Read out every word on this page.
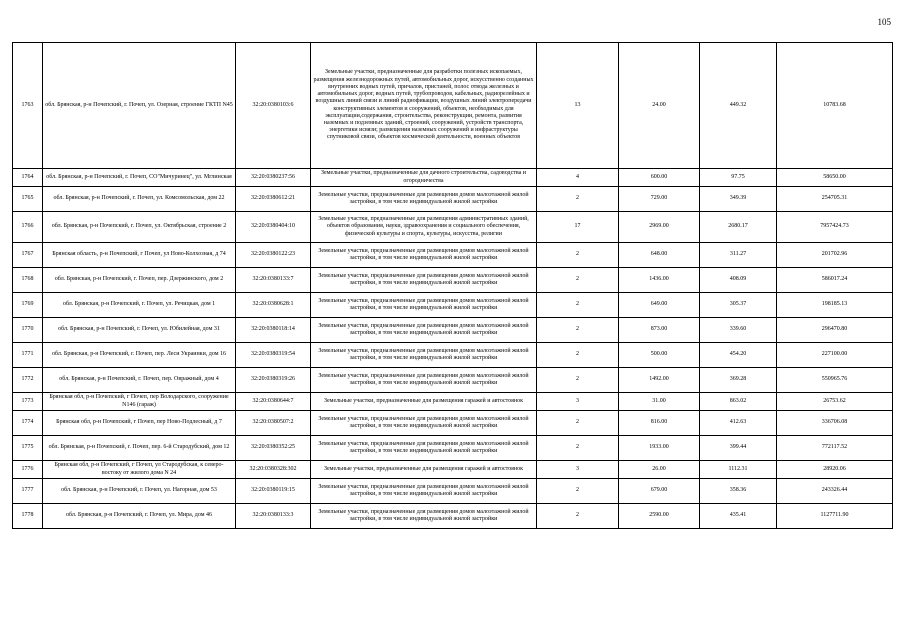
105
1763	обл. Брянская, р-н Почепский, г. Почеп, ул. Озерная, строение ГКТП N45	32:20:0380103:6	Земельные участки, предназначенные для разработки полезных ископаемых, размещения железнодорожных путей, автомобильных дорог, искусственно созданных внутренних водных путей, причалов, пристаней, полос отвода железных и автомобильных дорог, водных путей, трубопроводов, кабельных, радиорелейных и воздушных линий связи и линий радиофикации, воздушных линий электропередачи конструктивных элементов и сооружений, объектов, необходимых для эксплуатации,содержания, строительства, реконструкции, ремонта, развития наземных и подземных зданий, строений, сооружений, устройств транспорта, энергетики исвязи; размещения наземных сооружений и инфраструктуры спутниковой связи, объектов космической деятельности, военных объектов	13	24.00	449.32	10783.68
1764	обл. Брянская, р-н Почепский, г. Почеп, СО"Мичуринец", ул. Мглинская	32:20:0380237:56	Земельные участки, предназначенные для дачного строительства, садоводства и огородничества	4	600.00	97.75	58650.00
1765	обл. Брянская, р-н Почепский, г. Почеп, ул. Комсомольская, дом 22	32:20:0380612:21	Земельные участки, предназначенные для размещения домов малоэтажной жилой застройки, в том числе индивидуальной жилой застройки	2	729.00	349.39	254705.31
1766	обл. Брянская, р-н Почепский, г. Почеп, ул. Октябрьская, строение 2	32:20:0380404:10	Земельные участки, предназначенные для размещения административных зданий, объектов образования, науки, здравоохранения и социального обеспечения, физической культуры и спорта, культуры, искусства, религии	17	2969.00	2680.17	7957424.73
1767	Брянская область, р-н Почепский, г Почеп, ул Ново-Колхозная, д 74	32:20:0380122:23	Земельные участки, предназначенные для размещения домов малоэтажной жилой застройки, в том числе индивидуальной жилой застройки	2	648.00	311.27	201702.96
1768	обл. Брянская, р-н Почепский, г. Почеп, пер. Дзержинского, дом 2	32:20:0380133:7	Земельные участки, предназначенные для размещения домов малоэтажной жилой застройки, в том числе индивидуальной жилой застройки	2	1436.00	408.09	586017.24
1769	обл. Брянская, р-н Почепский, г. Почеп, ул. Речицкая, дом 1	32:20:0380628:1	Земельные участки, предназначенные для размещения домов малоэтажной жилой застройки, в том числе индивидуальной жилой застройки	2	649.00	305.37	198185.13
1770	обл. Брянская, р-н Почепский, г. Почеп, ул. Юбилейная, дом 31	32:20:0380118:14	Земельные участки, предназначенные для размещения домов малоэтажной жилой застройки, в том числе индивидуальной жилой застройки	2	873.00	339.60	296470.80
1771	обл. Брянская, р-н Почепский, г. Почеп, пер. Леси Украинки, дом 16	32:20:0380319:54	Земельные участки, предназначенные для размещения домов малоэтажной жилой застройки, в том числе индивидуальной жилой застройки	2	500.00	454.20	227100.00
1772	обл. Брянская, р-н Почепский, г. Почеп, пер. Овражный, дом 4	32:20:0380319:26	Земельные участки, предназначенные для размещения домов малоэтажной жилой застройки, в том числе индивидуальной жилой застройки	2	1492.00	369.28	550965.76
1773	Брянская обл, р-н Почепский, г Почеп, пер Володарского, сооружение N146 (гараж)	32:20:0380644:7	Земельные участки, предназначенные для размещения гаражей и автостоянок	3	31.00	863.02	26753.62
1774	Брянская обл, р-н Почепский, г Почеп, пер Ново-Подлесный, д 7	32:20:0380507:2	Земельные участки, предназначенные для размещения домов малоэтажной жилой застройки, в том числе индивидуальной жилой застройки	2	816.00	412.63	336706.08
1775	обл. Брянская, р-н Почепский, г. Почеп, пер. 6-й Стародубский, дом 12	32:20:0380352:25	Земельные участки, предназначенные для размещения домов малоэтажной жилой застройки, в том числе индивидуальной жилой застройки	2	1933.00	399.44	772117.52
1776	Брянская обл, р-н Почепский, г Почеп, ул Стародубская, к северо-востоку от жилого дома N 24	32:20:0380328:302	Земельные участки, предназначенные для размещения гаражей и автостоянок	3	26.00	1112.31	28920.06
1777	обл. Брянская, р-н Почепский, г. Почеп, ул. Нагорная, дом 53	32:20:0380119:15	Земельные участки, предназначенные для размещения домов малоэтажной жилой застройки, в том числе индивидуальной жилой застройки	2	679.00	358.36	243326.44
1778	обл. Брянская, р-н Почепский, г. Почеп, ул. Мира, дом 46	32:20:0380133:3	Земельные участки, предназначенные для размещения домов малоэтажной жилой застройки, в том числе индивидуальной жилой застройки	2	2590.00	435.41	1127711.90
